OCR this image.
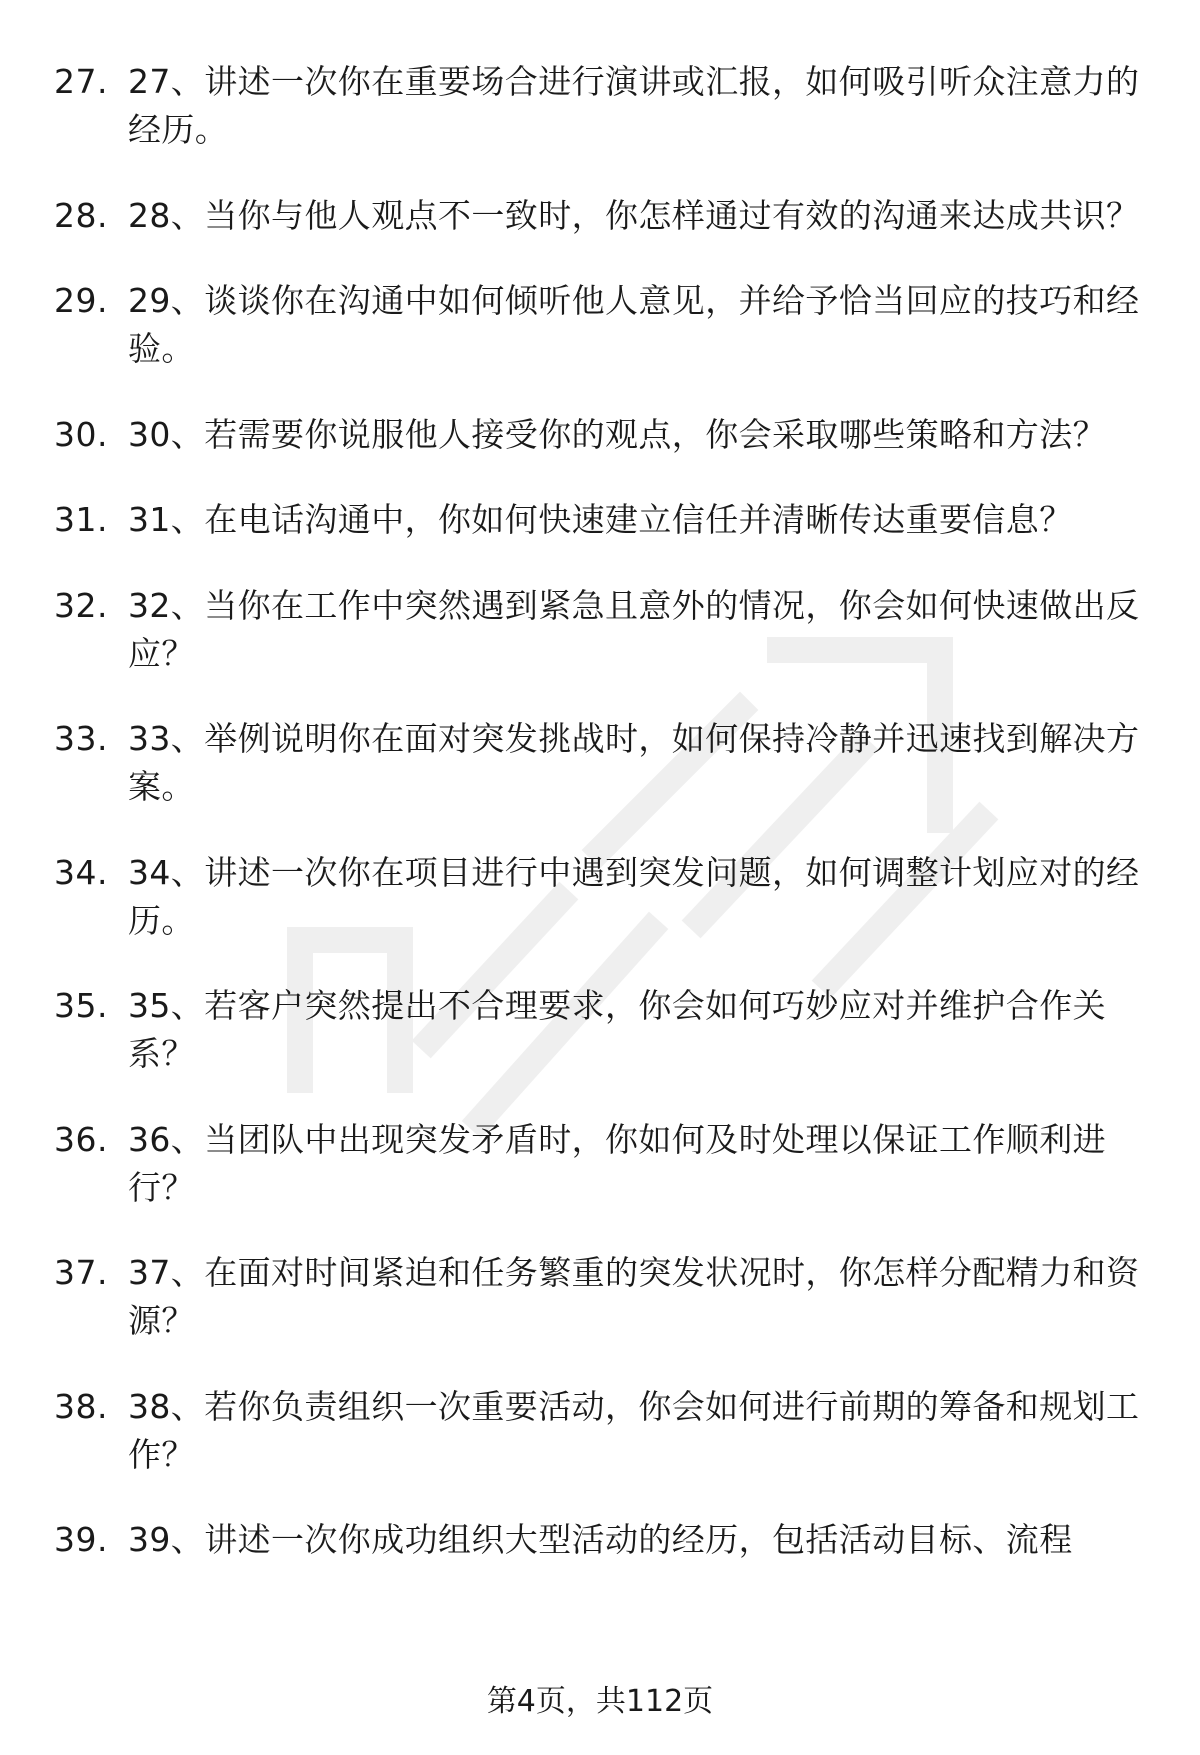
27. 27、讲述一次你在重要场合进行演讲或汇报，如何吸引听众注意力的经历。
28. 28、当你与他人观点不一致时，你怎样通过有效的沟通来达成共识？
29. 29、谈谈你在沟通中如何倾听他人意见，并给予恰当回应的技巧和经验。
30. 30、若需要你说服他人接受你的观点，你会采取哪些策略和方法？
31. 31、在电话沟通中，你如何快速建立信任并清晰传达重要信息？
32. 32、当你在工作中突然遇到紧急且意外的情况，你会如何快速做出反应？
33. 33、举例说明你在面对突发挑战时，如何保持冷静并迅速找到解决方案。
34. 34、讲述一次你在项目进行中遇到突发问题，如何调整计划应对的经历。
35. 35、若客户突然提出不合理要求，你会如何巧妙应对并维护合作关系？
36. 36、当团队中出现突发矛盾时，你如何及时处理以保证工作顺利进行？
37. 37、在面对时间紧迫和任务繁重的突发状况时，你怎样分配精力和资源？
38. 38、若你负责组织一次重要活动，你会如何进行前期的筹备和规划工作？
39. 39、讲述一次你成功组织大型活动的经历，包括活动目标、流程
第4页，共112页
